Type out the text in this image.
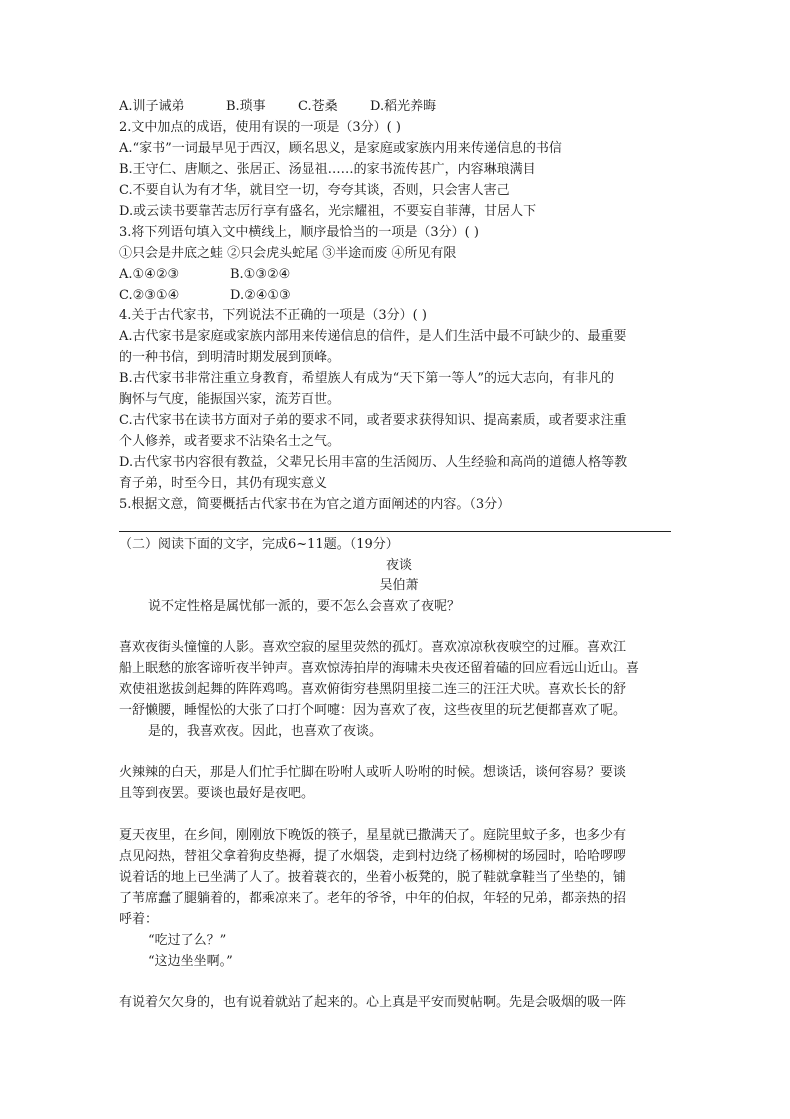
A.训子诫弟	B.琐事 C.苍桑 D.稻光养晦
2.文中加点的成语，使用有误的一项是（3分）( )
A.“家书”一词最早见于西汉，顾名思义，是家庭或家族内用来传递信息的书信
B.王守仁、唐顺之、张居正、汤显祖……的家书流传甚广，内容琳琅满目
C.不要自认为有才华，就目空一切，夸夸其谈，否则，只会害人害己
D.或云读书要靠苦志厉行享有盛名，光宗耀祖，不要妄自菲薄，甘居人下
3.将下列语句填入文中横线上，顺序最恰当的一项是（3分）( )
①只会是井底之蛙 ②只会虎头蛇尾 ③半途而废 ④所见有限
A.①④②③	B.①③②④
C.②③①④	D.②④①③
4.关于古代家书，下列说法不正确的一项是（3分）( )
A.古代家书是家庭或家族内部用来传递信息的信件，是人们生活中最不可缺少的、最重要
的一种书信，到明清时期发展到顶峰。
B.古代家书非常注重立身教育，希望族人有成为“天下第一等人”的远大志向，有非凡的
胸怀与气度，能振国兴家，流芳百世。
C.古代家书在读书方面对子弟的要求不同，或者要求获得知识、提高素质，或者要求注重
个人修养，或者要求不沾染名士之气。
D.古代家书内容很有教益，父辈兄长用丰富的生活阅历、人生经验和高尚的道德人格等教
育子弟，时至今日，其仍有现实意义
5.根据文意，简要概括古代家书在为官之道方面阐述的内容。（3分）
（二）阅读下面的文字，完成6~11题。（19分）
夜谈
吴伯萧
说不定性格是属忧郁一派的，要不怎么会喜欢了夜呢？
喜欢夜街头憧憧的人影。喜欢空寂的屋里荧然的孤灯。喜欢凉凉秋夜唳空的过雁。喜欢江
船上眠愁的旅客谛听夜半钟声。喜欢惊涛拍岸的海啸未央夜还留着磕的回应看远山近山。喜
欢使祖逖拔剑起舞的阵阵鸡鸣。喜欢俯街穷巷黑阴里接二连三的汪汪犬吠。喜欢长长的舒
一舒懒腰，睡惺忪的大张了口打个呵嚏：因为喜欢了夜，这些夜里的玩艺便都喜欢了呢。
是的，我喜欢夜。因此，也喜欢了夜谈。
火辣辣的白天，那是人们忙手忙脚在吩咐人或听人吩咐的时候。想谈话，谈何容易？要谈
且等到夜罢。要谈也最好是夜吧。
夏天夜里，在乡间，刚刚放下晚饭的筷子，星星就已撒满天了。庭院里蚊子多，也多少有
点见闷热，替祖父拿着狗皮垫褥，提了水烟袋，走到村边绕了杨柳树的场园时，哈哈啰啰
说着话的地上已坐满了人了。披着蓑衣的，坐着小板凳的，脱了鞋就拿鞋当了坐垫的，铺
了苇席蠢了腿躺着的，都乘凉来了。老年的爷爷，中年的伯叔，年轻的兄弟，都亲热的招
呼着：
“吃过了么？”
“这边坐坐啊。”
有说着欠欠身的，也有说着就站了起来的。心上真是平安而熨帖啊。先是会吸烟的吸一阵
